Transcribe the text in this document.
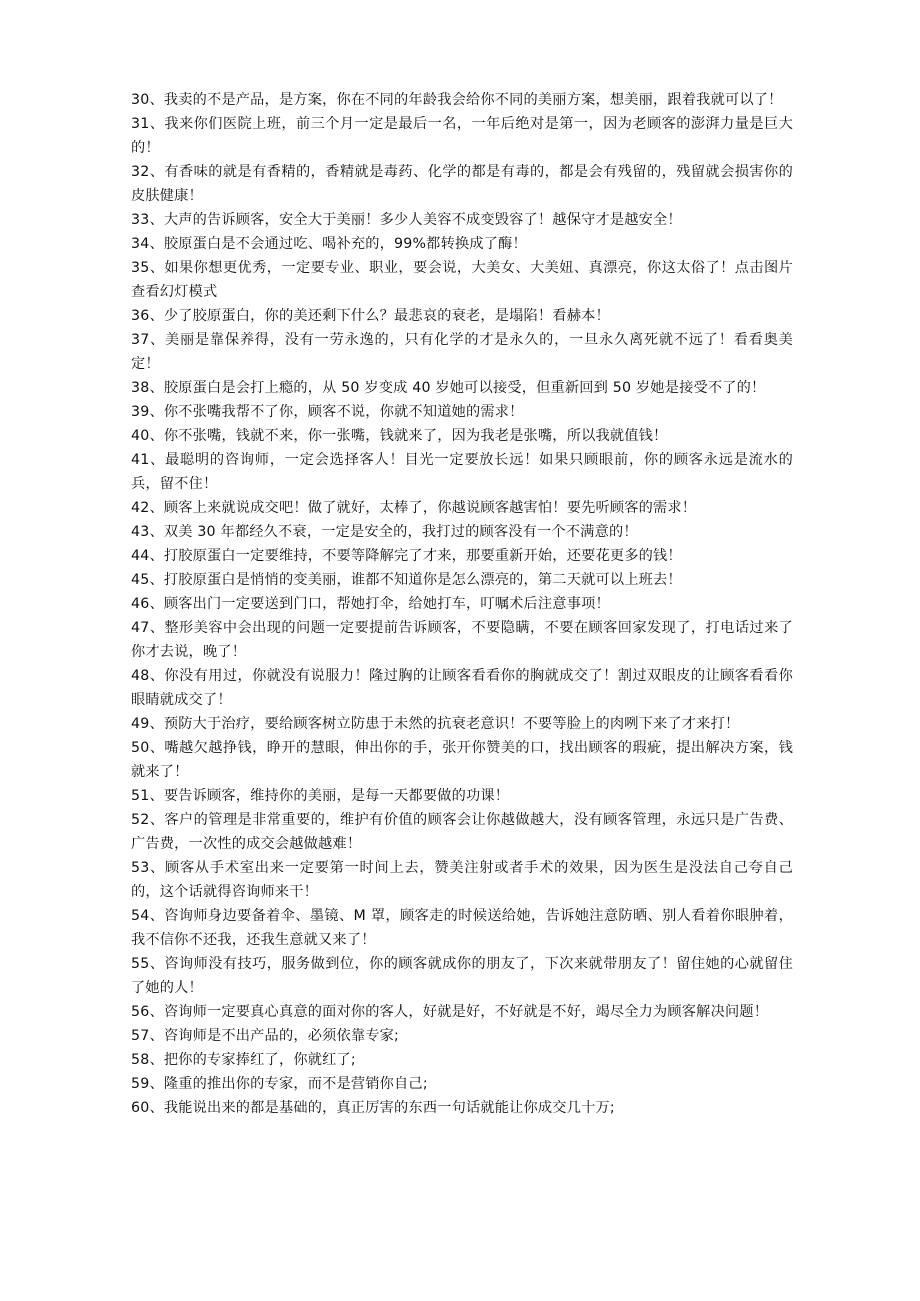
30、我卖的不是产品，是方案，你在不同的年龄我会给你不同的美丽方案，想美丽，跟着我就可以了！

31、我来你们医院上班，前三个月一定是最后一名，一年后绝对是第一，因为老顾客的澎湃力量是巨大的！

32、有香味的就是有香精的，香精就是毒药、化学的都是有毒的，都是会有残留的，残留就会损害你的皮肤健康！

33、大声的告诉顾客，安全大于美丽！多少人美容不成变毁容了！越保守才是越安全！

34、胶原蛋白是不会通过吃、喝补充的，99%都转换成了酶！

35、如果你想更优秀，一定要专业、职业，要会说，大美女、大美妞、真漂亮，你这太俗了！点击图片查看幻灯模式

36、少了胶原蛋白，你的美还剩下什么？最悲哀的衰老，是塌陷！看赫本！

37、美丽是靠保养得，没有一劳永逸的，只有化学的才是永久的，一旦永久离死就不远了！看看奥美定！

38、胶原蛋白是会打上瘾的，从 50 岁变成 40 岁她可以接受，但重新回到 50 岁她是接受不了的！

39、你不张嘴我帮不了你，顾客不说，你就不知道她的需求！

40、你不张嘴，钱就不来，你一张嘴，钱就来了，因为我老是张嘴，所以我就值钱！

41、最聪明的咨询师，一定会选择客人！目光一定要放长远！如果只顾眼前，你的顾客永远是流水的兵，留不住！

42、顾客上来就说成交吧！做了就好，太棒了，你越说顾客越害怕！要先听顾客的需求！

43、双美 30 年都经久不衰，一定是安全的，我打过的顾客没有一个不满意的！

44、打胶原蛋白一定要维持，不要等降解完了才来，那要重新开始，还要花更多的钱！

45、打胶原蛋白是悄悄的变美丽，谁都不知道你是怎么漂亮的，第二天就可以上班去！

46、顾客出门一定要送到门口，帮她打伞，给她打车，叮嘱术后注意事项！

47、整形美容中会出现的问题一定要提前告诉顾客，不要隐瞒，不要在顾客回家发现了，打电话过来了你才去说，晚了！

48、你没有用过，你就没有说服力！隆过胸的让顾客看看你的胸就成交了！割过双眼皮的让顾客看看你眼睛就成交了！

49、预防大于治疗，要给顾客树立防患于未然的抗衰老意识！不要等脸上的肉咧下来了才来打！

50、嘴越欠越挣钱，睁开的慧眼，伸出你的手，张开你赞美的口，找出顾客的瑕疵，提出解决方案，钱就来了！

51、要告诉顾客，维持你的美丽，是每一天都要做的功课！

52、客户的管理是非常重要的，维护有价值的顾客会让你越做越大，没有顾客管理，永远只是广告费、广告费，一次性的成交会越做越难！

53、顾客从手术室出来一定要第一时间上去，赞美注射或者手术的效果，因为医生是没法自己夸自己的，这个话就得咨询师来干！

54、咨询师身边要备着伞、墨镜、M 罩，顾客走的时候送给她，告诉她注意防晒、别人看着你眼肿着，我不信你不还我，还我生意就又来了！

55、咨询师没有技巧，服务做到位，你的顾客就成你的朋友了，下次来就带朋友了！留住她的心就留住了她的人！

56、咨询师一定要真心真意的面对你的客人，好就是好，不好就是不好，竭尽全力为顾客解决问题！

57、咨询师是不出产品的，必须依靠专家;

58、把你的专家捧红了，你就红了;

59、隆重的推出你的专家，而不是营销你自己;

60、我能说出来的都是基础的，真正厉害的东西一句话就能让你成交几十万;
